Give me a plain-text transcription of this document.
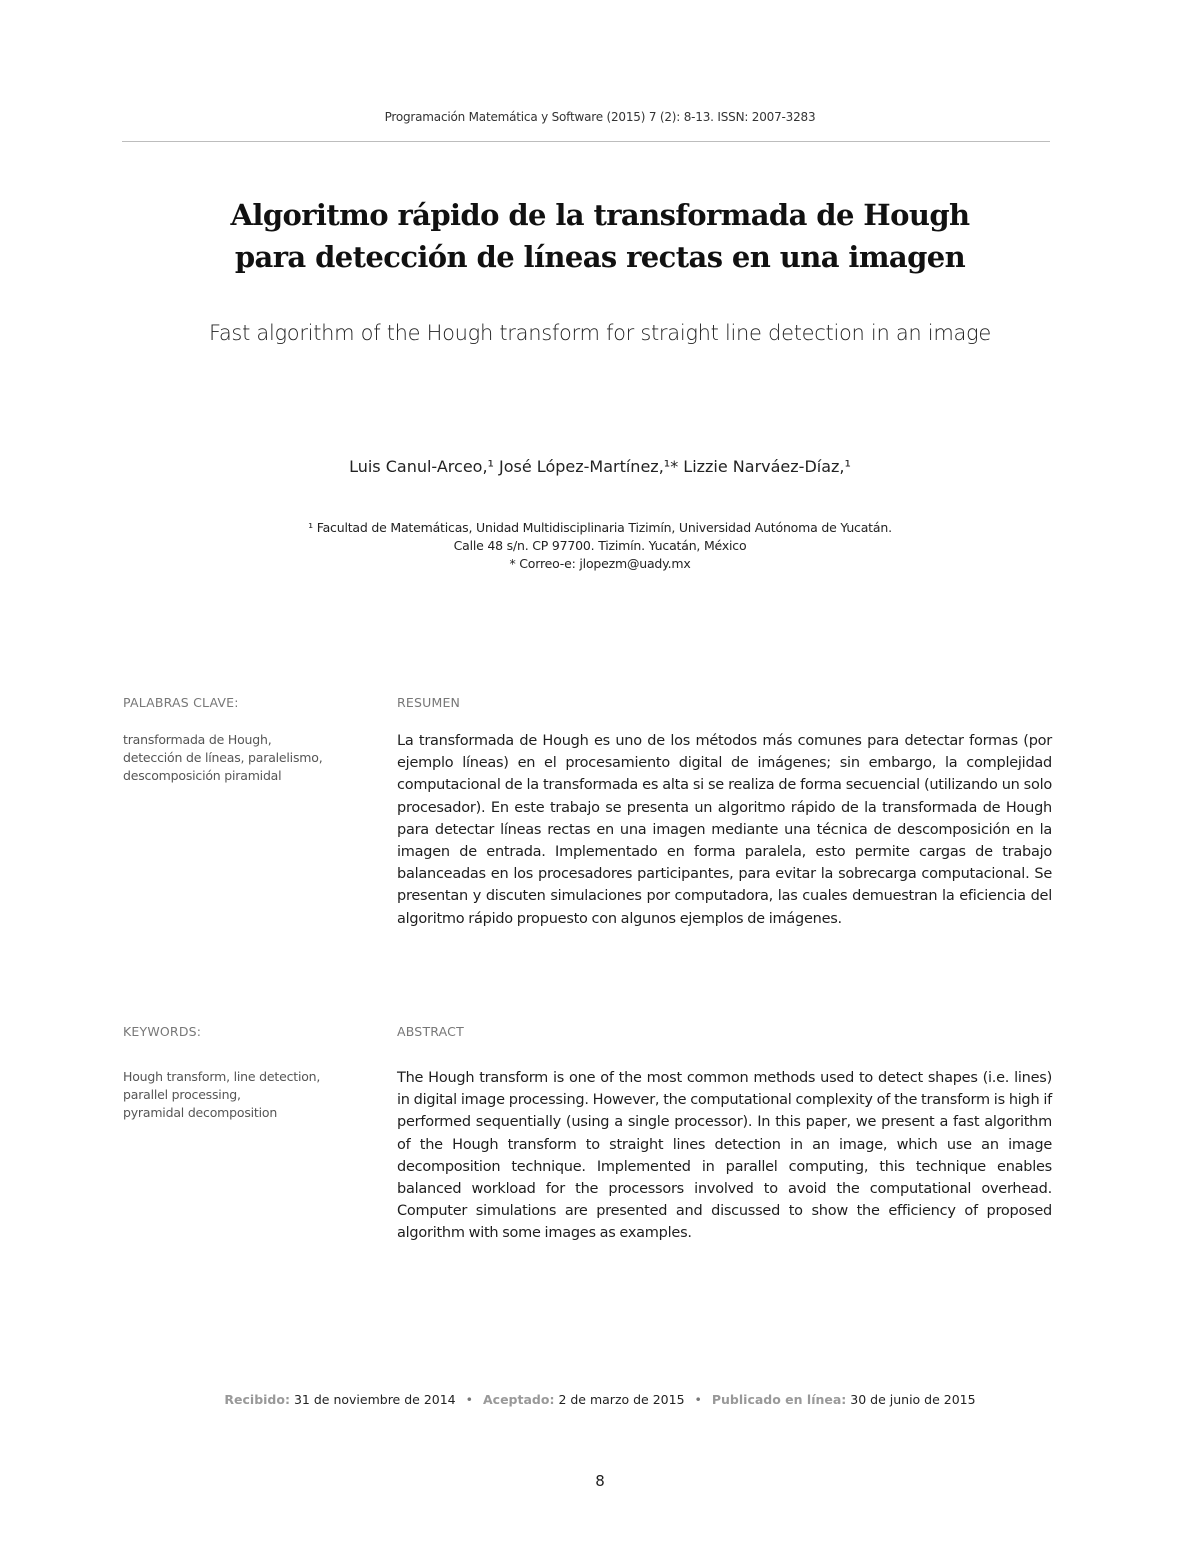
Programación Matemática y Software (2015) 7 (2): 8-13. ISSN: 2007-3283
Algoritmo rápido de la transformada de Hough
para detección de líneas rectas en una imagen
Fast algorithm of the Hough transform for straight line detection in an image
Luis Canul-Arceo,¹ José López-Martínez,¹* Lizzie Narváez-Díaz,¹
¹ Facultad de Matemáticas, Unidad Multidisciplinaria Tizimín, Universidad Autónoma de Yucatán.
Calle 48 s/n. CP 97700. Tizimín. Yucatán, México
* Correo-e: jlopezm@uady.mx
PALABRAS CLAVE:	RESUMEN
transformada de Hough,
detección de líneas, paralelismo,
descomposición piramidal
La transformada de Hough es uno de los métodos más comunes para detectar formas (por ejemplo líneas) en el procesamiento digital de imágenes; sin embargo, la complejidad computacional de la transformada es alta si se realiza de forma secuencial (utilizando un solo procesador). En este trabajo se presenta un algoritmo rápido de la transformada de Hough para detectar líneas rectas en una imagen mediante una técnica de descomposición en la imagen de entrada. Implementado en forma paralela, esto permite cargas de trabajo balanceadas en los procesadores participantes, para evitar la sobrecarga computacional. Se presentan y discuten simulaciones por computadora, las cuales demuestran la eficiencia del algoritmo rápido propuesto con algunos ejemplos de imágenes.
KEYWORDS:	ABSTRACT
Hough transform, line detection,
parallel processing,
pyramidal decomposition
The Hough transform is one of the most common methods used to detect shapes (i.e. lines) in digital image processing. However, the computational complexity of the transform is high if performed sequentially (using a single processor). In this paper, we present a fast algorithm of the Hough transform to straight lines detection in an image, which use an image decomposition technique. Implemented in parallel computing, this technique enables balanced workload for the processors involved to avoid the computational overhead. Computer simulations are presented and discussed to show the efficiency of proposed algorithm with some images as examples.
Recibido: 31 de noviembre de 2014 • Aceptado: 2 de marzo de 2015 • Publicado en línea: 30 de junio de 2015
8
